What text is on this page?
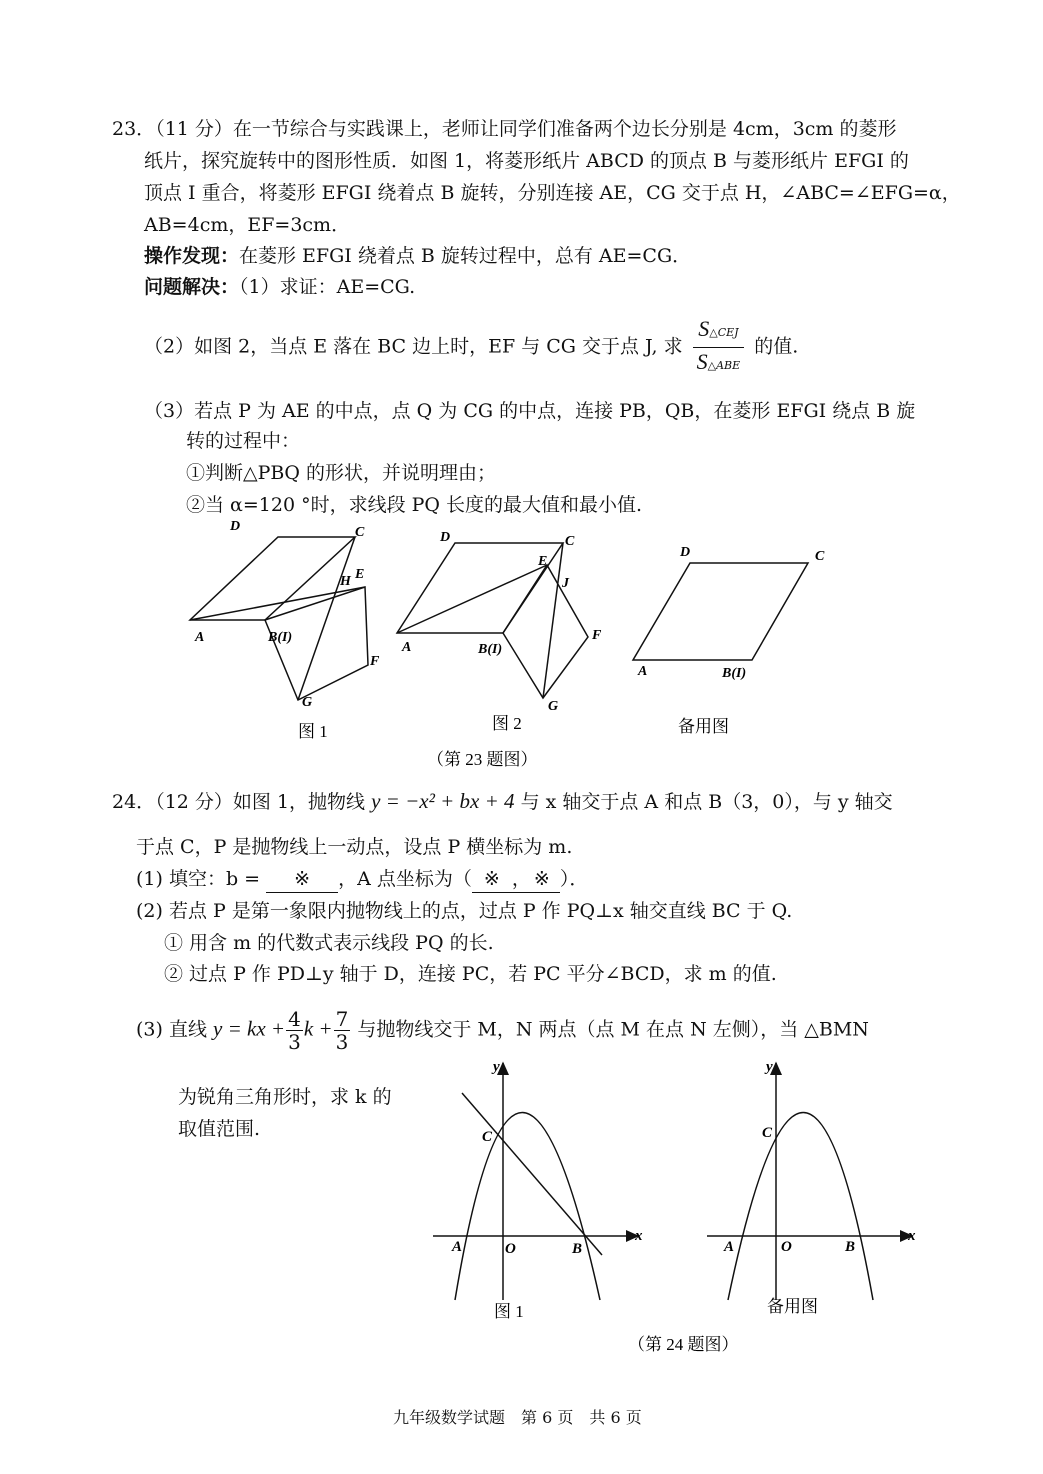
23．（11 分）在一节综合与实践课上，老师让同学们准备两个边长分别是 4cm，3cm 的菱形
纸片，探究旋转中的图形性质．如图 1，将菱形纸片 ABCD 的顶点 B 与菱形纸片 EFGI 的
顶点 I 重合，将菱形 EFGI 绕着点 B 旋转，分别连接 AE，CG 交于点 H，∠ABC=∠EFG=α，
AB=4cm，EF=3cm．
操作发现：在菱形 EFGI 绕着点 B 旋转过程中，总有 AE=CG．
问题解决：（1）求证：AE=CG.
（2）如图 2，当点 E 落在 BC 边上时，EF 与 CG 交于点 J, 求 $\frac{\text{S△CEJ}}{\text{S△ABE}}$ 的值.
（3）若点 P 为 AE 的中点，点 Q 为 CG 的中点，连接 PB，QB，在菱形 EFGI 绕点 B 旋
转的过程中：
①判断△PBQ 的形状，并说明理由；
②当 α=120 °时，求线段 PQ 长度的最大值和最小值.
D	C
A	B(I)
H E
F
G
D	C
E
J
A	B(I)
F
G
D	C
A	B(I)
图 1	图 2	备用图
（第 23 题图）
24．（12 分）如图 1，抛物线 y = −x² + bx + 4 与 x 轴交于点 A 和点 B（3，0），与 y 轴交
于点 C，P 是抛物线上一动点，设点 P 横坐标为 m.
(1) 填空：b = ※ ，A 点坐标为（ ※ ， ※ ）．
(2) 若点 P 是第一象限内抛物线上的点，过点 P 作 PQ⊥x 轴交直线 BC 于 Q.
① 用含 m 的代数式表示线段 PQ 的长.
② 过点 P 作 PD⊥y 轴于 D，连接 PC，若 PC 平分∠BCD，求 m 的值.
(3) 直线 y = kx + $\frac{4}{3}$ $k + \frac{7}{3}$ 与抛物线交于 M，N 两点（点 M 在点 N 左侧），当 △BMN
为锐角三角形时，求 k 的
取值范围.
y
x
C
A	O	B
y
x
C
A	O	B
图 1	备用图
（第 24 题图）
九年级数学试题　第 6 页　共 6 页
